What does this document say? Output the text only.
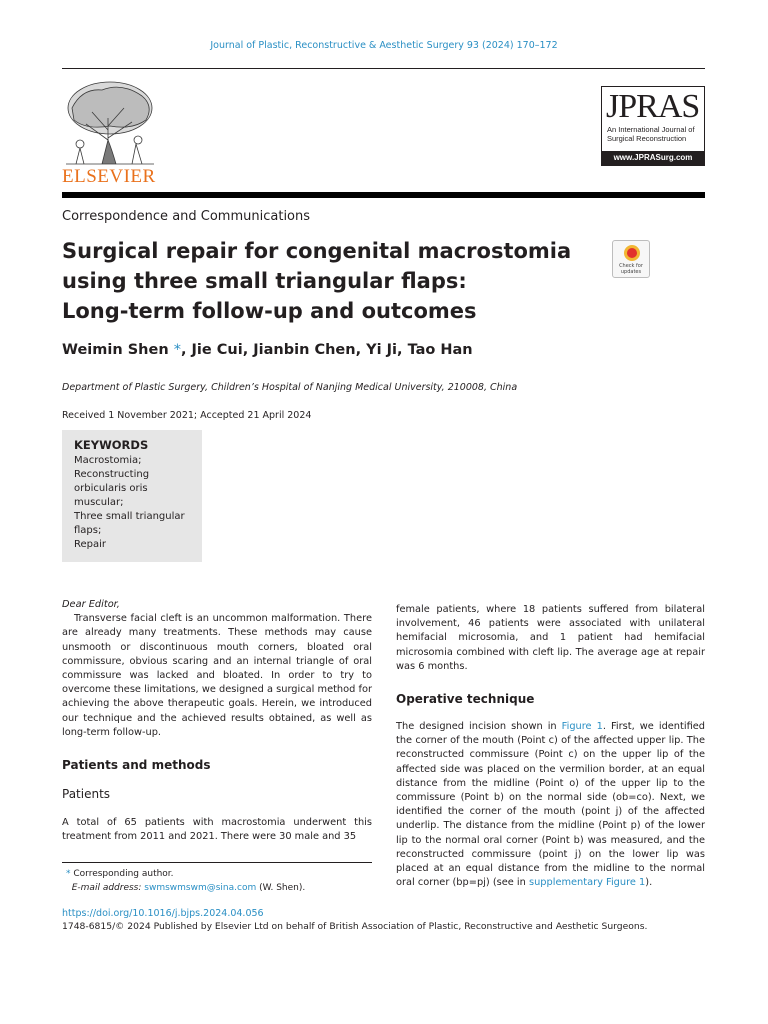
Journal of Plastic, Reconstructive & Aesthetic Surgery 93 (2024) 170–172
ELSEVIER
JPRAS
An International Journal of
Surgical Reconstruction
www.JPRASurg.com
Correspondence and Communications
Surgical repair for congenital macrostomia
using three small triangular flaps:
Long-term follow-up and outcomes
Check for updates
Weimin Shen *, Jie Cui, Jianbin Chen, Yi Ji, Tao Han
Department of Plastic Surgery, Children’s Hospital of Nanjing Medical University, 210008, China
Received 1 November 2021; Accepted 21 April 2024
KEYWORDS
Macrostomia;
Reconstructing
orbicularis oris
muscular;
Three small triangular
flaps;
Repair

Dear Editor,

Transverse facial cleft is an uncommon malformation. There are already many treatments. These methods may cause unsmooth or discontinuous mouth corners, bloated oral commissure, obvious scaring and an internal triangle of oral commissure was lacked and bloated. In order to try to overcome these limitations, we designed a surgical method for achieving the above therapeutic goals. Herein, we introduced our technique and the achieved results obtained, as well as long-term follow-up.

Patients and methods
Patients

A total of 65 patients with macrostomia underwent this treatment from 2011 and 2021. There were 30 male and 35

female patients, where 18 patients suffered from bilateral involvement, 46 patients were associated with unilateral hemifacial microsomia, and 1 patient had hemifacial microsomia combined with cleft lip. The average age at repair was 6 months.

Operative technique

The designed incision shown in Figure 1. First, we identified the corner of the mouth (Point c) of the affected upper lip. The reconstructed commissure (Point c) on the upper lip of the affected side was placed on the vermilion border, at an equal distance from the midline (Point o) of the upper lip to the commissure (Point b) on the normal side (ob=co). Next, we identified the corner of the mouth (point j) of the affected underlip. The distance from the midline (Point p) of the lower lip to the normal oral corner (Point b) was measured, and the reconstructed commissure (point j) on the lower lip was placed at an equal distance from the midline to the normal oral corner (bp=pj) (see in supplementary Figure 1).

* Corresponding author.
E-mail address: swmswmswm@sina.com (W. Shen).
https://doi.org/10.1016/j.bjps.2024.04.056
1748-6815/© 2024 Published by Elsevier Ltd on behalf of British Association of Plastic, Reconstructive and Aesthetic Surgeons.
